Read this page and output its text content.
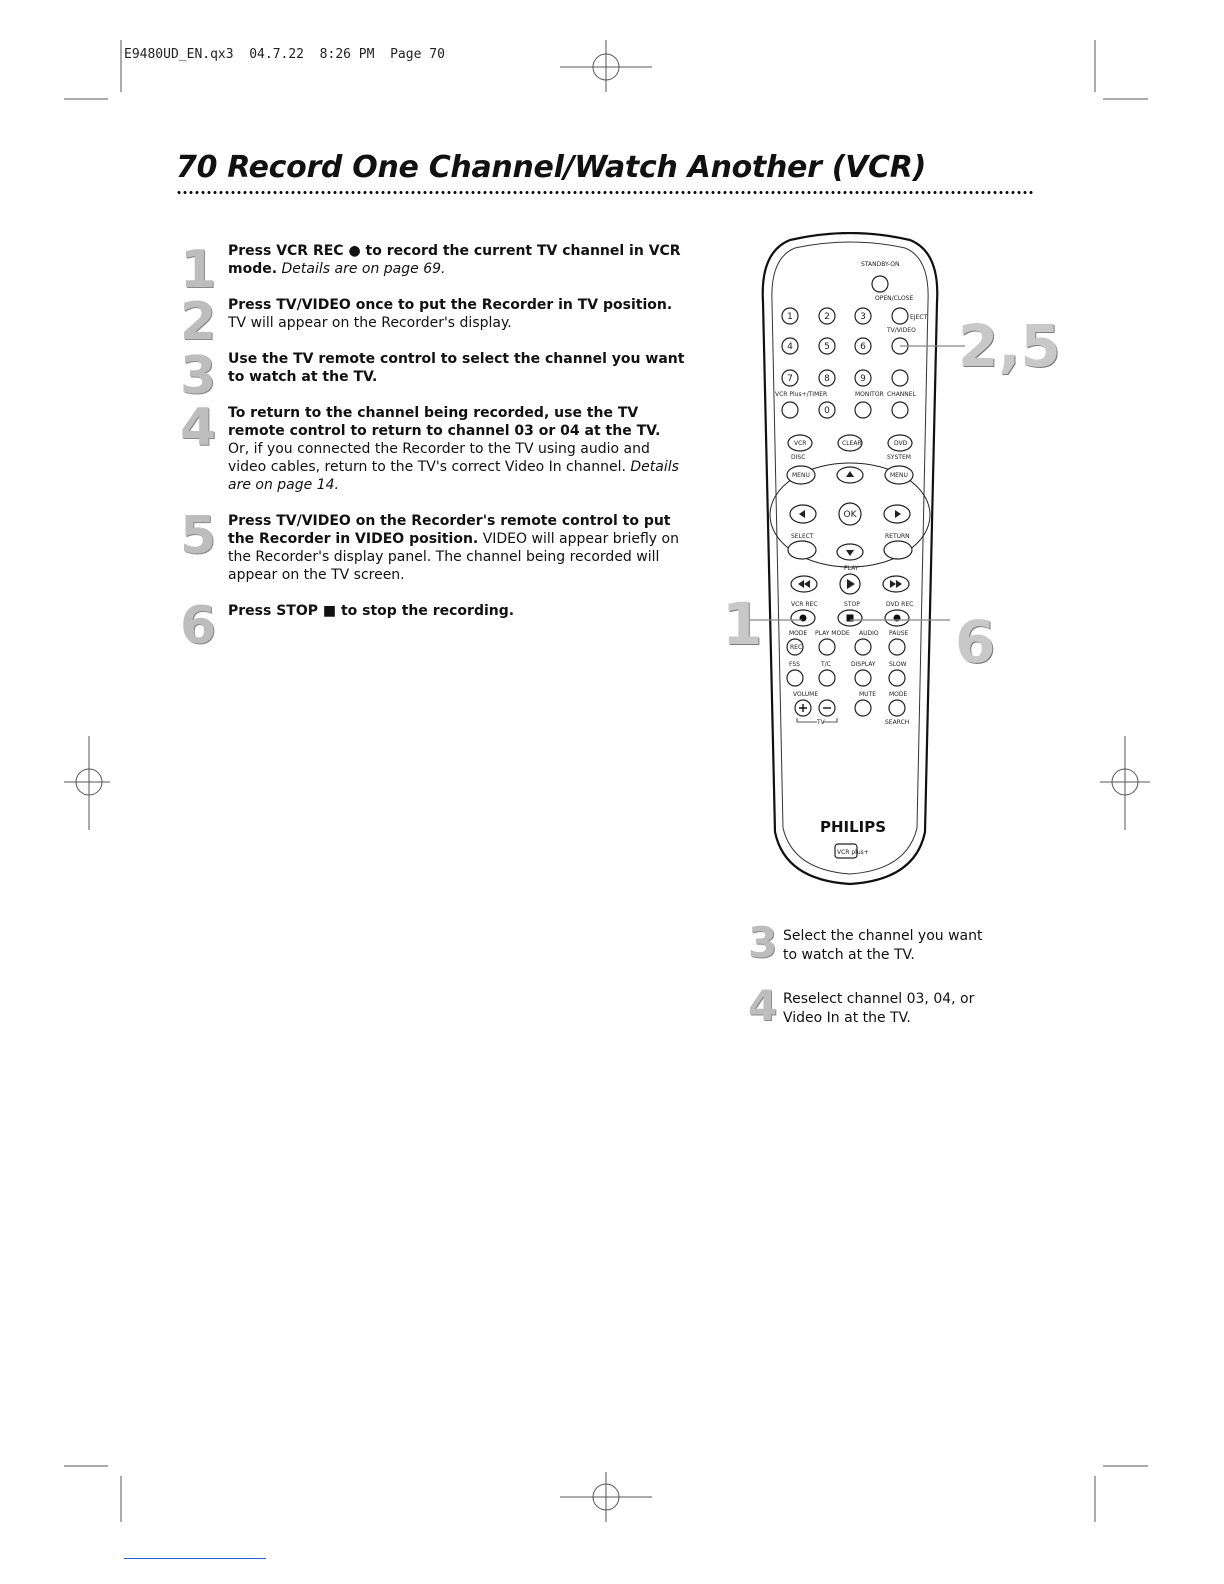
E9480UD_EN.qx3  04.7.22  8:26 PM  Page 70
70 Record One Channel/Watch Another (VCR)
1 Press VCR REC ● to record the current TV channel in VCR mode. Details are on page 69.
2 Press TV/VIDEO once to put the Recorder in TV position.
TV will appear on the Recorder's display.
3 Use the TV remote control to select the channel you want to watch at the TV.
4 To return to the channel being recorded, use the TV remote control to return to channel 03 or 04 at the TV.
Or, if you connected the Recorder to the TV using audio and video cables, return to the TV's correct Video In channel. Details are on page 14.
5 Press TV/VIDEO on the Recorder's remote control to put the Recorder in VIDEO position. VIDEO will appear briefly on the Recorder's display panel. The channel being recorded will appear on the TV screen.
6 Press STOP ■ to stop the recording.
STANDBY-ON
OPEN/CLOSE
1	2	3	EJECT
TV/VIDEO
4	5	6
7	8	9
VCR Plus+/TIMER	MONITOR CHANNEL
0
VCR	CLEAR	DVD
DISC	SYSTEM
MENU	MENU
OK
SELECT	RETURN
PLAY
VCR REC	STOP	DVD REC
MODE PLAY MODE AUDIO PAUSE
REC
FSS	T/C	DISPLAY SLOW
VOLUME	MUTE MODE
TV	SEARCH
PHILIPS
VCR plus+
2,5
1	6
3 Select the channel you want to watch at the TV.
4 Reselect channel 03, 04, or Video In at the TV.
